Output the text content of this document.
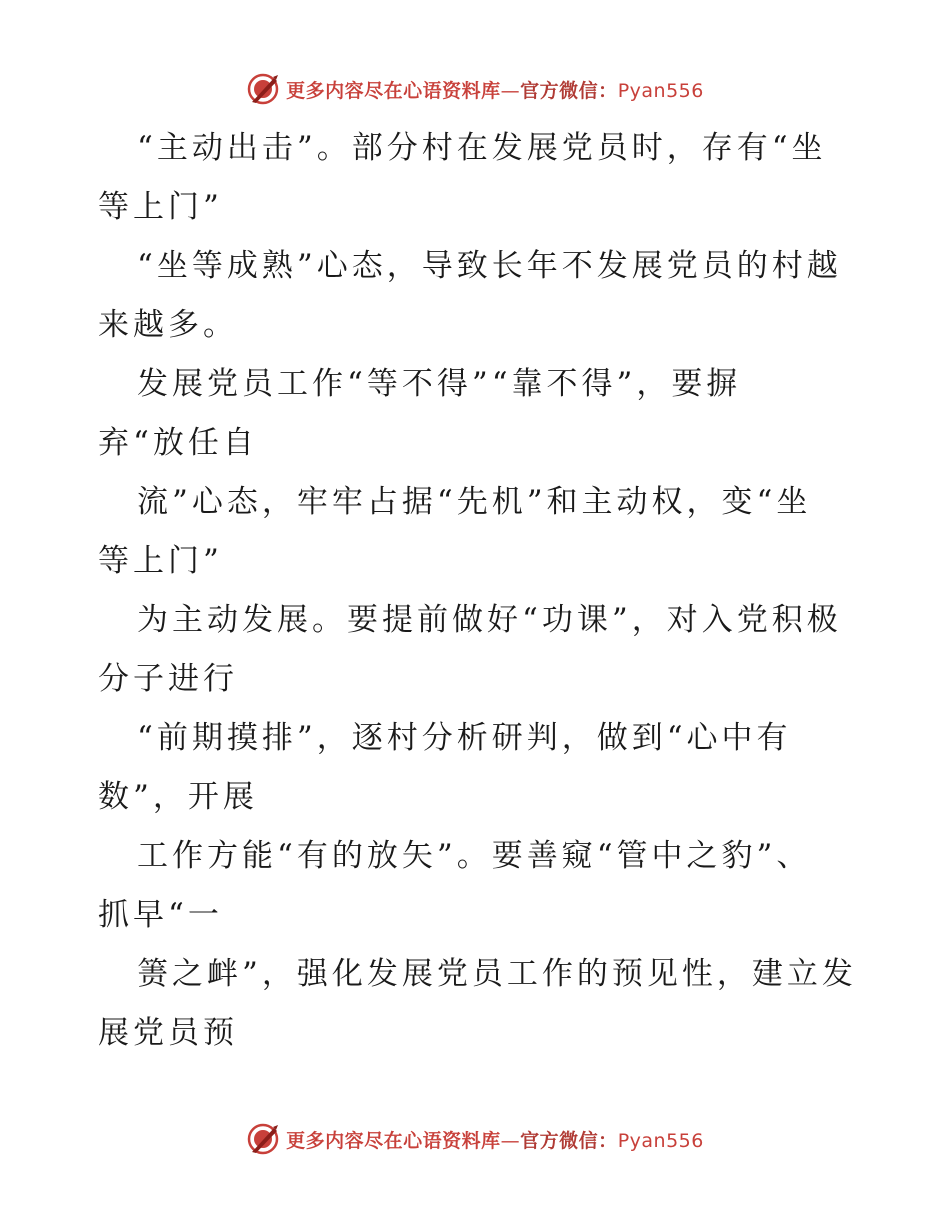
更多内容尽在心语资料库—官方微信：Pyan556
“主动出击”。部分村在发展党员时，存有“坐
等上门”
“坐等成熟”心态，导致长年不发展党员的村越
来越多。
发展党员工作“等不得”“靠不得”，要摒
弃“放任自
流”心态，牢牢占据“先机”和主动权，变“坐
等上门”
为主动发展。要提前做好“功课”，对入党积极
分子进行
“前期摸排”，逐村分析研判，做到“心中有
数”，开展
工作方能“有的放矢”。要善窥“管中之豹”、
抓早“一
箦之衅”，强化发展党员工作的预见性，建立发
展党员预
更多内容尽在心语资料库—官方微信：Pyan556
